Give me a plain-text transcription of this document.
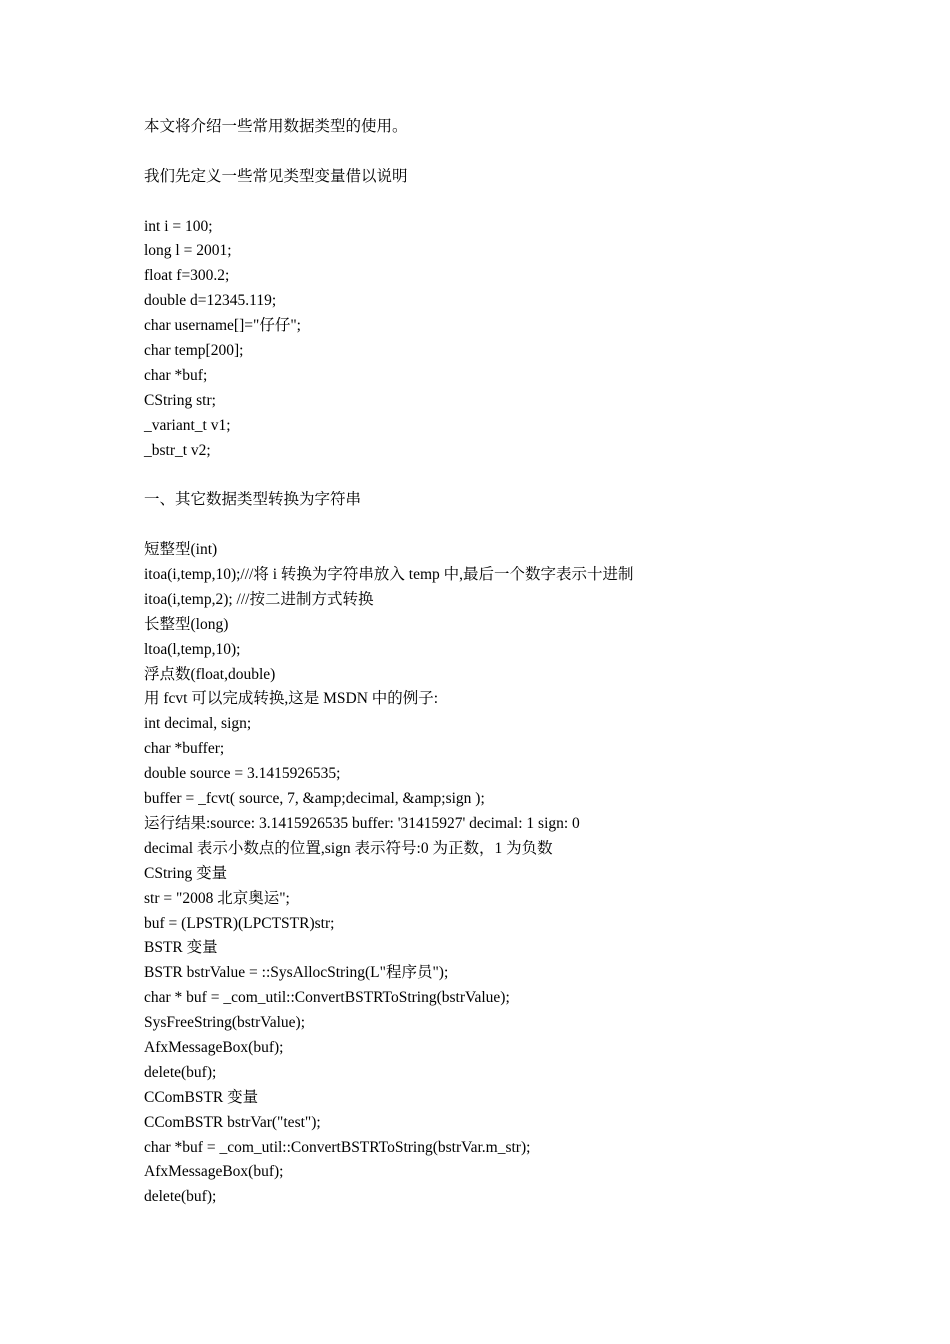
本文将介绍一些常用数据类型的使用。
我们先定义一些常见类型变量借以说明
int i = 100;
long l = 2001;
float f=300.2;
double d=12345.119;
char username[]="仔仔";
char temp[200];
char *buf;
CString str;
_variant_t v1;
_bstr_t v2;
一、其它数据类型转换为字符串
短整型(int)
itoa(i,temp,10);///将 i 转换为字符串放入 temp 中,最后一个数字表示十进制
itoa(i,temp,2); ///按二进制方式转换
长整型(long)
ltoa(l,temp,10);
浮点数(float,double)
用 fcvt 可以完成转换,这是 MSDN 中的例子:
int decimal, sign;
char *buffer;
double source = 3.1415926535;
buffer = _fcvt( source, 7, &amp;decimal, &amp;sign );
运行结果:source: 3.1415926535 buffer: '31415927' decimal: 1 sign: 0
decimal 表示小数点的位置,sign 表示符号:0 为正数，1 为负数
CString 变量
str = "2008 北京奥运";
buf = (LPSTR)(LPCTSTR)str;
BSTR 变量
BSTR bstrValue = ::SysAllocString(L"程序员");
char * buf = _com_util::ConvertBSTRToString(bstrValue);
SysFreeString(bstrValue);
AfxMessageBox(buf);
delete(buf);
CComBSTR 变量
CComBSTR bstrVar("test");
char *buf = _com_util::ConvertBSTRToString(bstrVar.m_str);
AfxMessageBox(buf);
delete(buf);
